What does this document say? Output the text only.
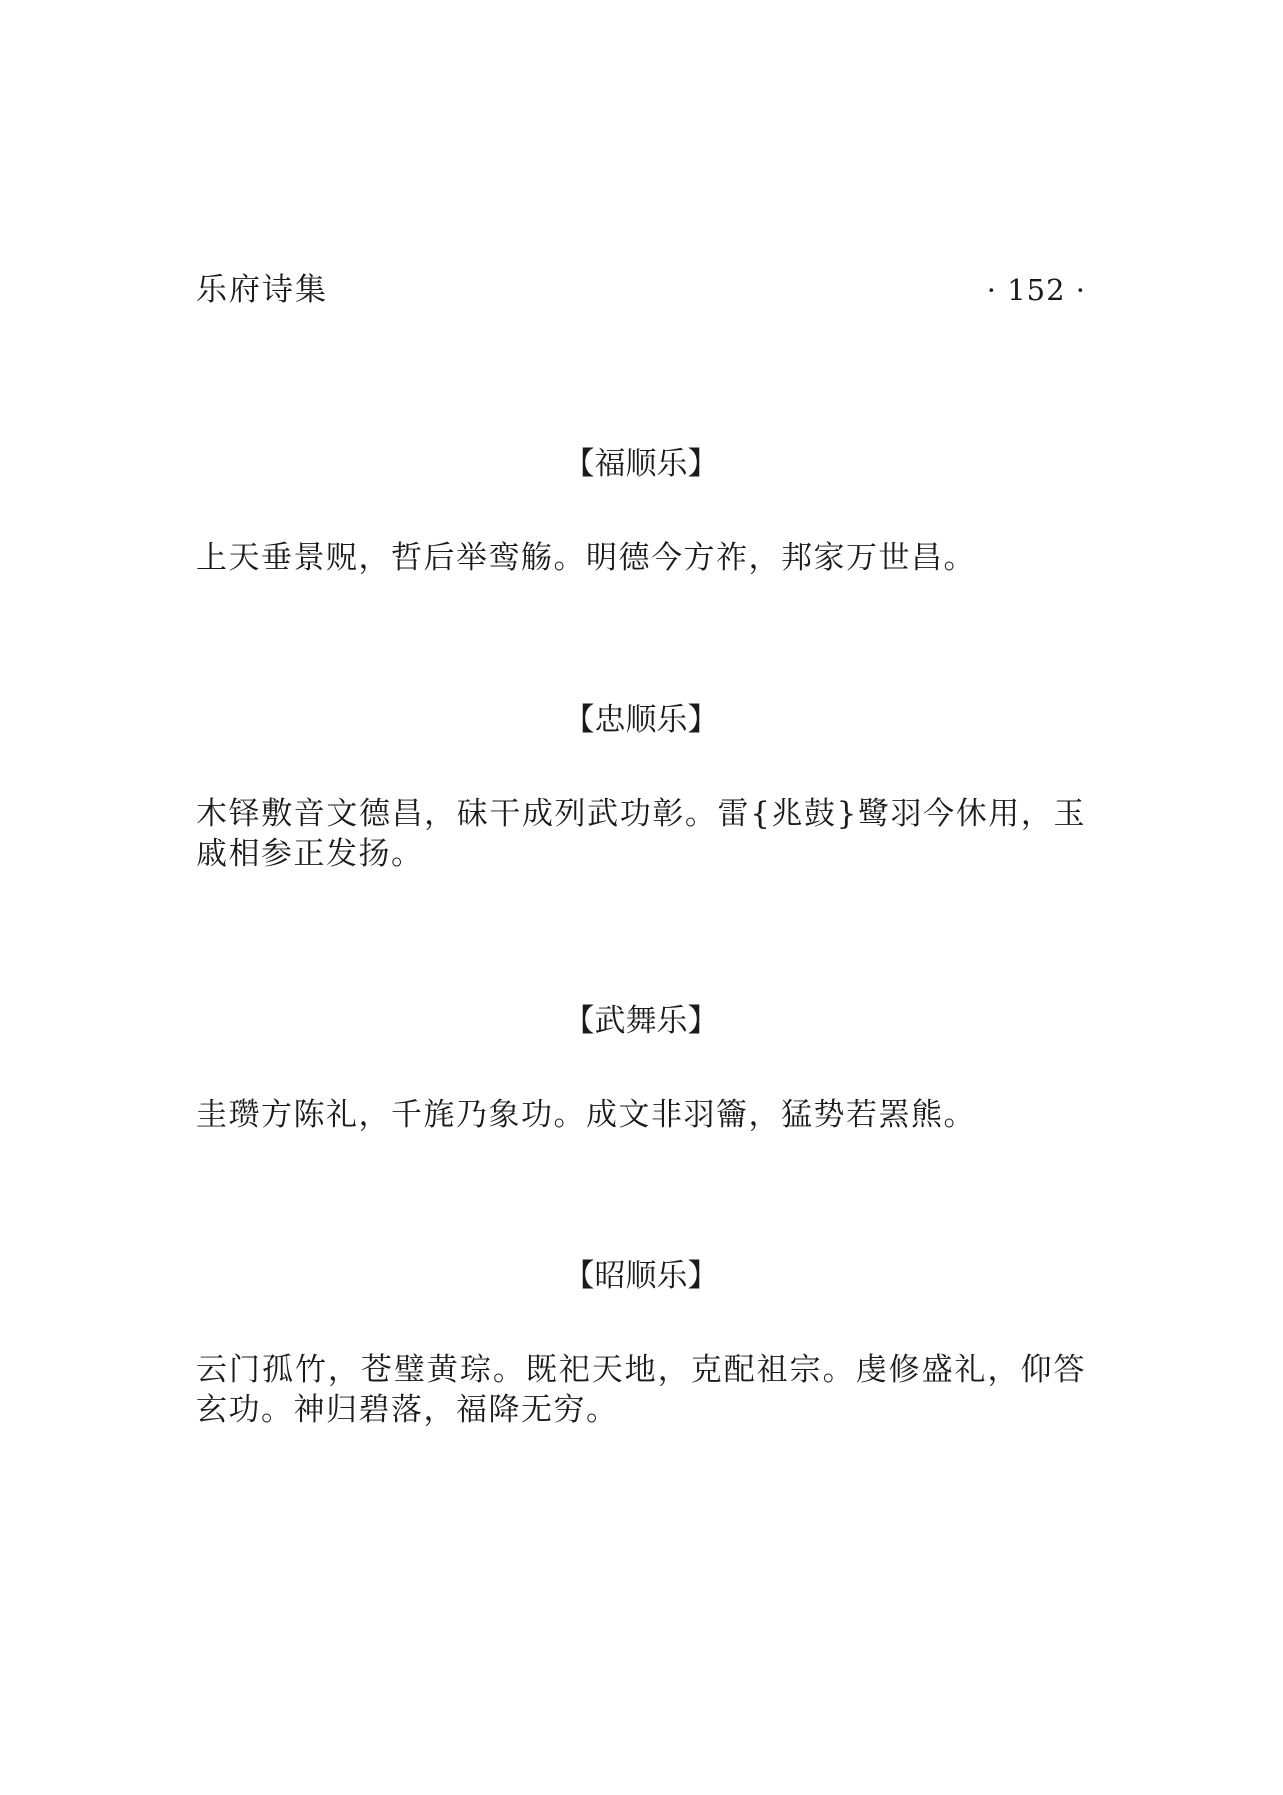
乐府诗集	· 152 ·
【福顺乐】

上天垂景贶，哲后举鸾觞。明德今方祚，邦家万世昌。

【忠顺乐】

木铎敷音文德昌，砞干成列武功彰。雷{兆鼓}鹭羽今休用，玉戚相参正发扬。

【武舞乐】

圭瓒方陈礼，千旄乃象功。成文非羽籥，猛势若罴熊。

【昭顺乐】

云门孤竹，苍璧黄琮。既祀天地，克配祖宗。虔修盛礼，仰答玄功。神归碧落，福降无穷。
